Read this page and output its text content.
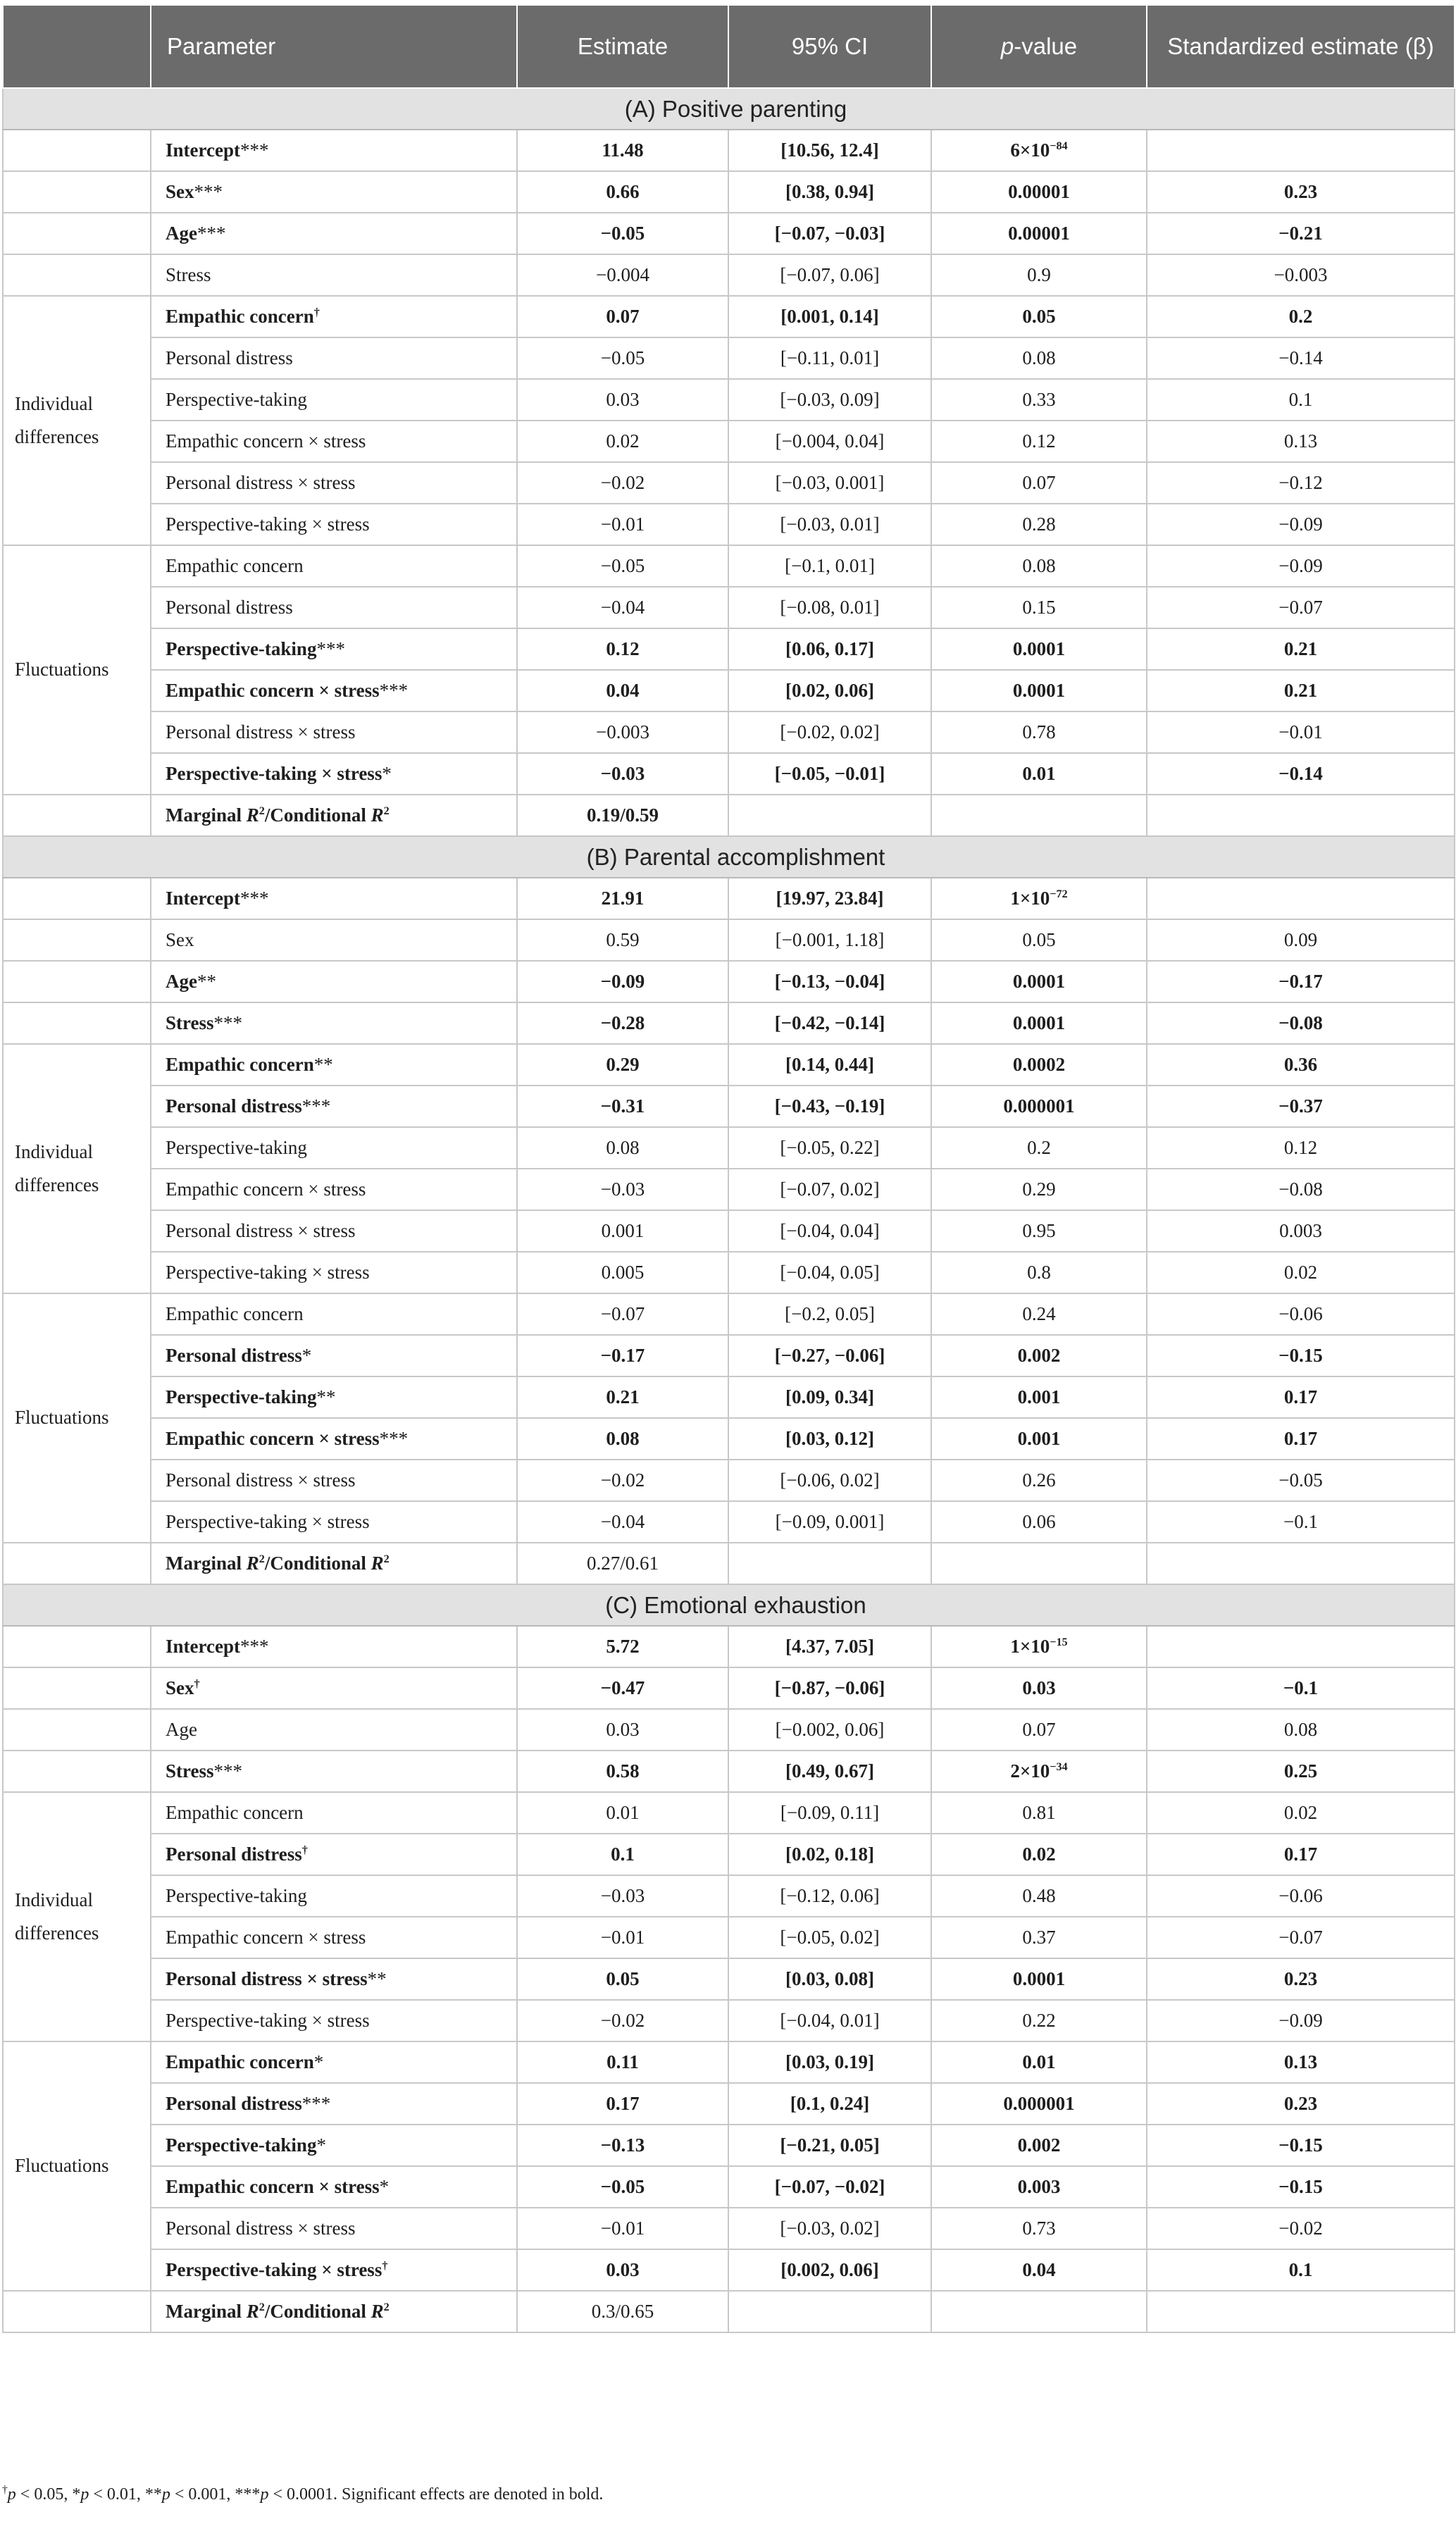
	Parameter	Estimate	95% CI	p-value	Standardized estimate (β)
(A) Positive parenting					
	Intercept***	11.48	[10.56, 12.4]	$6\times 10^{-84}$	
	Sex***	0.66	[0.38, 0.94]	0.00001	0.23
	Age***	−0.05	[−0.07, −0.03]	0.00001	−0.21
	Stress	−0.004	[−0.07, 0.06]	0.9	−0.003
Individual differences	Empathic concern†	0.07	[0.001, 0.14]	0.05	0.2
	Personal distress	−0.05	[−0.11, 0.01]	0.08	−0.14
	Perspective-taking	0.03	[−0.03, 0.09]	0.33	0.1
	Empathic concern × stress	0.02	[−0.004, 0.04]	0.12	0.13
	Personal distress × stress	−0.02	[−0.03, 0.001]	0.07	−0.12
	Perspective-taking × stress	−0.01	[−0.03, 0.01]	0.28	−0.09
Fluctuations	Empathic concern	−0.05	[−0.1, 0.01]	0.08	−0.09
	Personal distress	−0.04	[−0.08, 0.01]	0.15	−0.07
	Perspective-taking***	0.12	[0.06, 0.17]	0.0001	0.21
	Empathic concern × stress***	0.04	[0.02, 0.06]	0.0001	0.21
	Personal distress × stress	−0.003	[−0.02, 0.02]	0.78	−0.01
	Perspective-taking × stress*	−0.03	[−0.05, −0.01]	0.01	−0.14
	Marginal $R^2$/Conditional $R^2$	0.19/0.59			
(B) Parental accomplishment					
	Intercept***	21.91	[19.97, 23.84]	$1\times 10^{-72}$	
	Sex	0.59	[−0.001, 1.18]	0.05	0.09
	Age**	−0.09	[−0.13, −0.04]	0.0001	−0.17
	Stress***	−0.28	[−0.42, −0.14]	0.0001	−0.08
Individual differences	Empathic concern**	0.29	[0.14, 0.44]	0.0002	0.36
	Personal distress***	−0.31	[−0.43, −0.19]	0.000001	−0.37
	Perspective-taking	0.08	[−0.05, 0.22]	0.2	0.12
	Empathic concern × stress	−0.03	[−0.07, 0.02]	0.29	−0.08
	Personal distress × stress	0.001	[−0.04, 0.04]	0.95	0.003
	Perspective-taking × stress	0.005	[−0.04, 0.05]	0.8	0.02
Fluctuations	Empathic concern	−0.07	[−0.2, 0.05]	0.24	−0.06
	Personal distress*	−0.17	[−0.27, −0.06]	0.002	−0.15
	Perspective-taking**	0.21	[0.09, 0.34]	0.001	0.17
	Empathic concern × stress***	0.08	[0.03, 0.12]	0.001	0.17
	Personal distress × stress	−0.02	[−0.06, 0.02]	0.26	−0.05
	Perspective-taking × stress	−0.04	[−0.09, 0.001]	0.06	−0.1
	Marginal $R^2$/Conditional $R^2$	0.27/0.61			
(C) Emotional exhaustion					
	Intercept***	5.72	[4.37, 7.05]	$1\times 10^{-15}$	
	Sex†	−0.47	[−0.87, −0.06]	0.03	−0.1
	Age	0.03	[−0.002, 0.06]	0.07	0.08
	Stress***	0.58	[0.49, 0.67]	$2\times 10^{-34}$	0.25
Individual differences	Empathic concern	0.01	[−0.09, 0.11]	0.81	0.02
	Personal distress†	0.1	[0.02, 0.18]	0.02	0.17
	Perspective-taking	−0.03	[−0.12, 0.06]	0.48	−0.06
	Empathic concern × stress	−0.01	[−0.05, 0.02]	0.37	−0.07
	Personal distress × stress**	0.05	[0.03, 0.08]	0.0001	0.23
	Perspective-taking × stress	−0.02	[−0.04, 0.01]	0.22	−0.09
Fluctuations	Empathic concern*	0.11	[0.03, 0.19]	0.01	0.13
	Personal distress***	0.17	[0.1, 0.24]	0.000001	0.23
	Perspective-taking*	−0.13	[−0.21, 0.05]	0.002	−0.15
	Empathic concern × stress*	−0.05	[−0.07, −0.02]	0.003	−0.15
	Personal distress × stress	−0.01	[−0.03, 0.02]	0.73	−0.02
	Perspective-taking × stress†	0.03	[0.002, 0.06]	0.04	0.1
	Marginal $R^2$/Conditional $R^2$	0.3/0.65			
†p < 0.05, *p < 0.01, **p < 0.001, ***p < 0.0001. Significant effects are denoted in bold.
